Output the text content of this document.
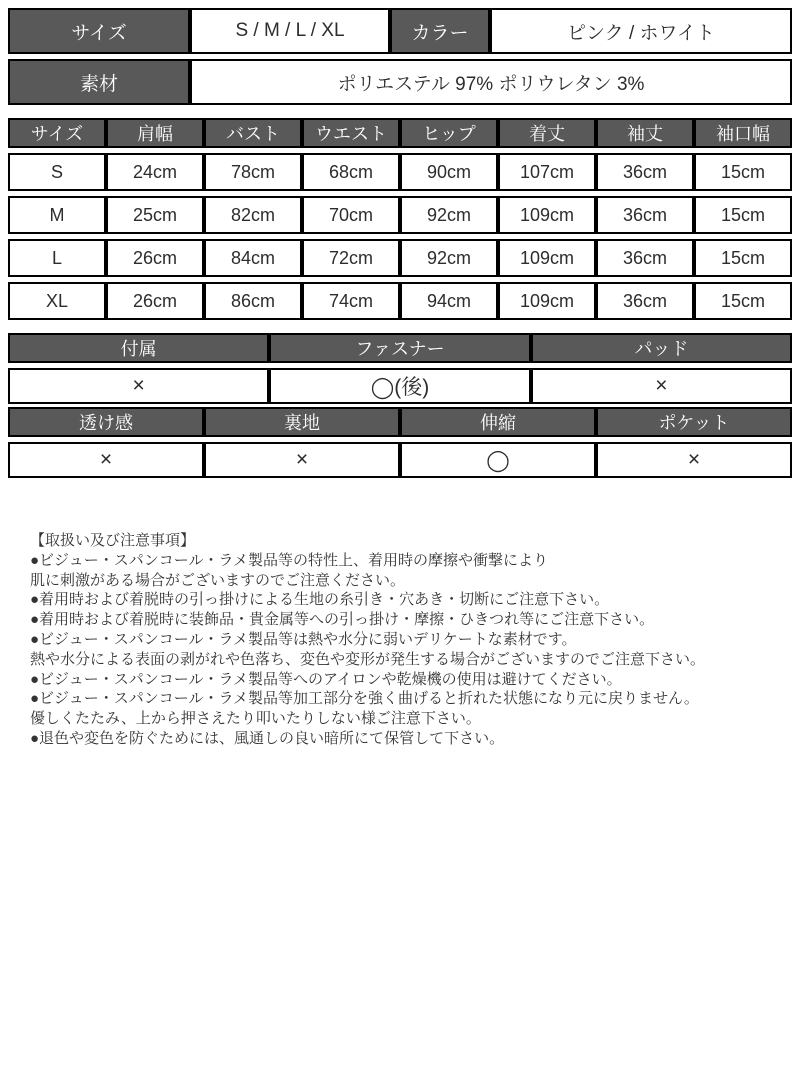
サイズ	S / M / L / XL	カラー	ピンク / ホワイト
素材	ポリエステル 97% ポリウレタン 3%		
サイズ	肩幅	バスト	ウエスト	ヒップ	着丈	袖丈	袖口幅
S	24cm	78cm	68cm	90cm	107cm	36cm	15cm
M	25cm	82cm	70cm	92cm	109cm	36cm	15cm
L	26cm	84cm	72cm	92cm	109cm	36cm	15cm
XL	26cm	86cm	74cm	94cm	109cm	36cm	15cm
付属	ファスナー	パッド
×	◯(後)	×
透け感	裏地	伸縮	ポケット
×	×	◯	×
【取扱い及び注意事項】
●ビジュー・スパンコール・ラメ製品等の特性上、着用時の摩擦や衝撃により
肌に刺激がある場合がございますのでご注意ください。
●着用時および着脱時の引っ掛けによる生地の糸引き・穴あき・切断にご注意下さい。
●着用時および着脱時に装飾品・貴金属等への引っ掛け・摩擦・ひきつれ等にご注意下さい。
●ビジュー・スパンコール・ラメ製品等は熱や水分に弱いデリケートな素材です。
熱や水分による表面の剥がれや色落ち、変色や変形が発生する場合がございますのでご注意下さい。
●ビジュー・スパンコール・ラメ製品等へのアイロンや乾燥機の使用は避けてください。
●ビジュー・スパンコール・ラメ製品等加工部分を強く曲げると折れた状態になり元に戻りません。
優しくたたみ、上から押さえたり叩いたりしない様ご注意下さい。
●退色や変色を防ぐためには、風通しの良い暗所にて保管して下さい。
